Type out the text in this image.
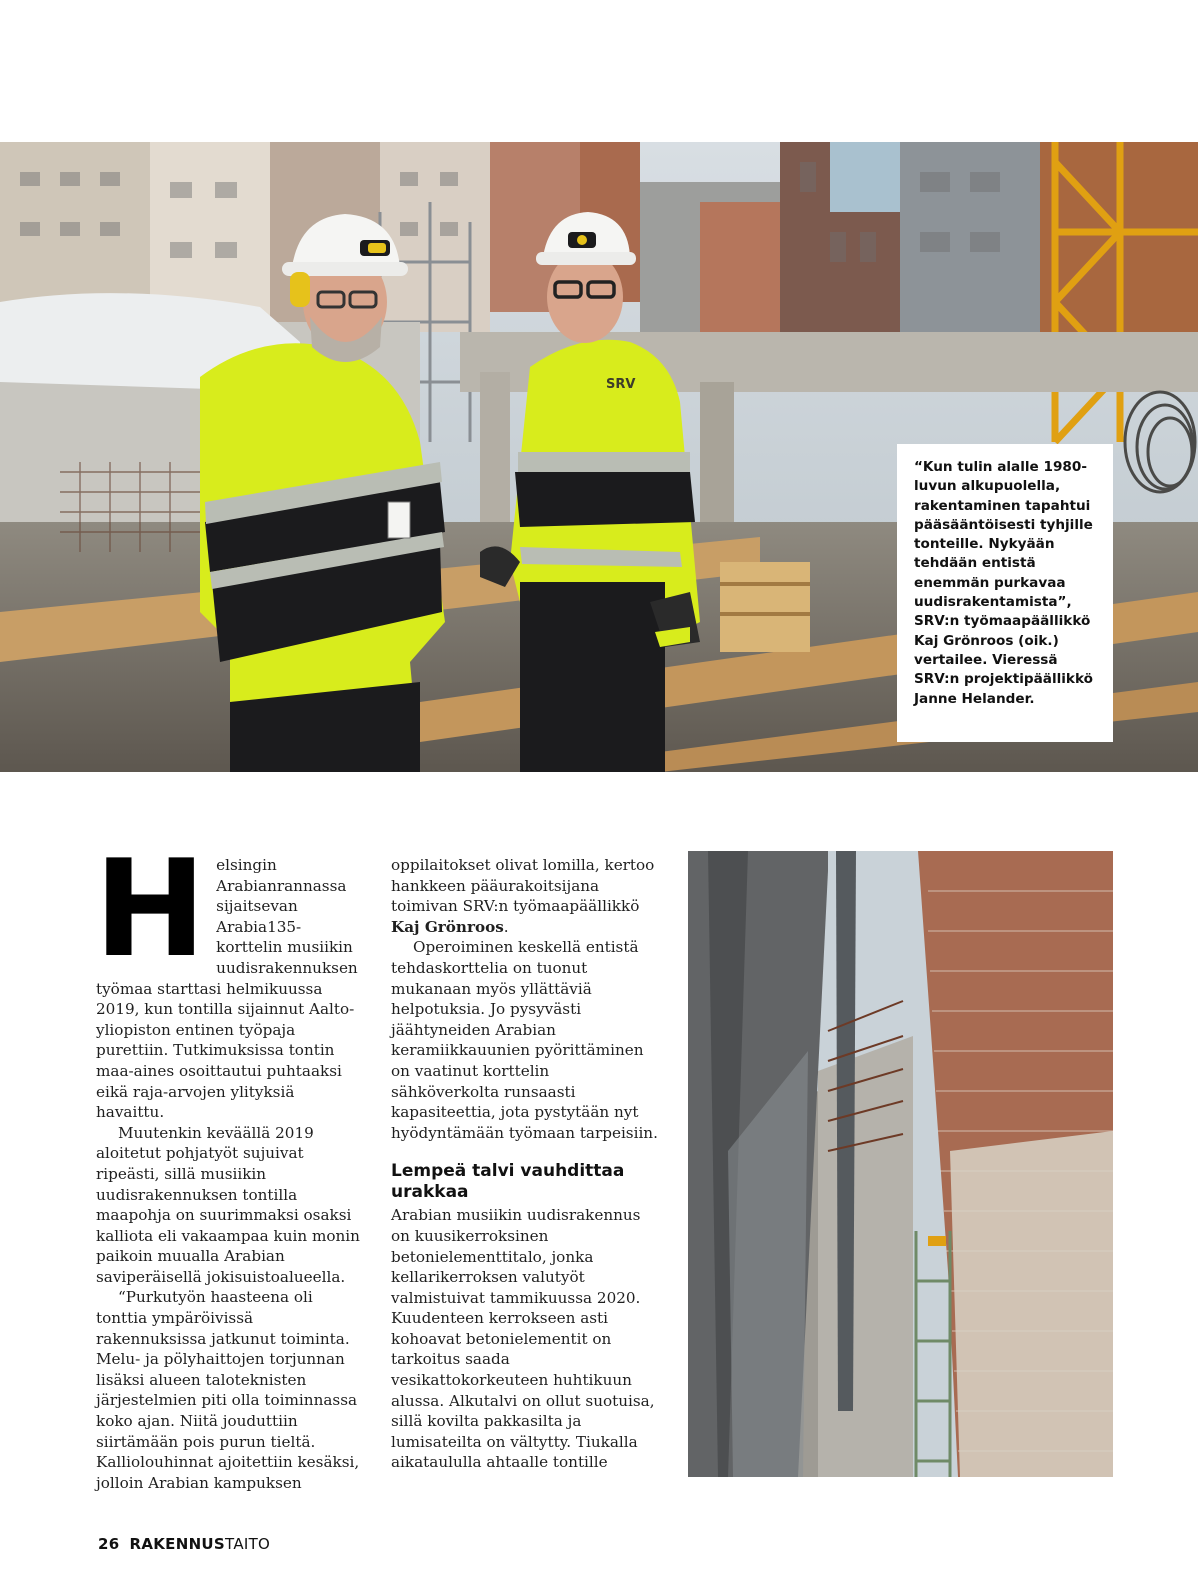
SRV
“Kun tulin alalle 1980-luvun alkupuolella, rakentaminen tapahtui pääsääntöisesti tyhjille tonteille. Nykyään tehdään entistä enemmän purkavaa uudisrakentamista”, SRV:n työmaapäällikkö Kaj Grönroos (oik.) vertailee. Vieressä SRV:n projektipäällikkö Janne Helander.

Helsingin Arabianrannassa sijaitsevan Arabia135-korttelin musiikin uudisrakennuksen työmaa starttasi helmikuussa 2019, kun tontilla sijainnut Aalto-yliopiston entinen työpaja purettiin. Tutkimuksissa tontin maa-aines osoittautui puhtaaksi eikä raja-arvojen ylityksiä havaittu.

Muutenkin keväällä 2019 aloitetut pohjatyöt sujuivat ripeästi, sillä musiikin uudisrakennuksen tontilla maapohja on suurimmaksi osaksi kalliota eli vakaampaa kuin monin paikoin muualla Arabian saviperäisellä jokisuistoalueella.

“Purkutyön haasteena oli tonttia ympäröivissä rakennuksissa jatkunut toiminta. Melu- ja pölyhaittojen torjunnan lisäksi alueen taloteknisten järjestelmien piti olla toiminnassa koko ajan. Niitä jouduttiin siirtämään pois purun tieltä. Kalliolouhinnat ajoitettiin kesäksi, jolloin Arabian kampuksen

oppilaitokset olivat lomilla, kertoo hankkeen pääurakoitsijana toimivan SRV:n työmaapäällikkö Kaj Grönroos.

Operoiminen keskellä entistä tehdaskorttelia on tuonut mukanaan myös yllättäviä helpotuksia. Jo pysyvästi jäähtyneiden Arabian keramiikkauunien pyörittäminen on vaatinut korttelin sähköverkolta runsaasti kapasiteettia, jota pystytään nyt hyödyntämään työmaan tarpeisiin.

Lempeä talvi vauhdittaa urakkaa

Arabian musiikin uudisrakennus on kuusikerroksinen betonielementtitalo, jonka kellarikerroksen valutyöt valmistuivat tammikuussa 2020. Kuudenteen kerrokseen asti kohoavat betonielementit on tarkoitus saada vesikattokorkeuteen huhtikuun alussa. Alkutalvi on ollut suotuisa, sillä kovilta pakkasilta ja lumisateilta on vältytty. Tiukalla aikataululla ahtaalle tontille

26 RAKENNUSTAITO
